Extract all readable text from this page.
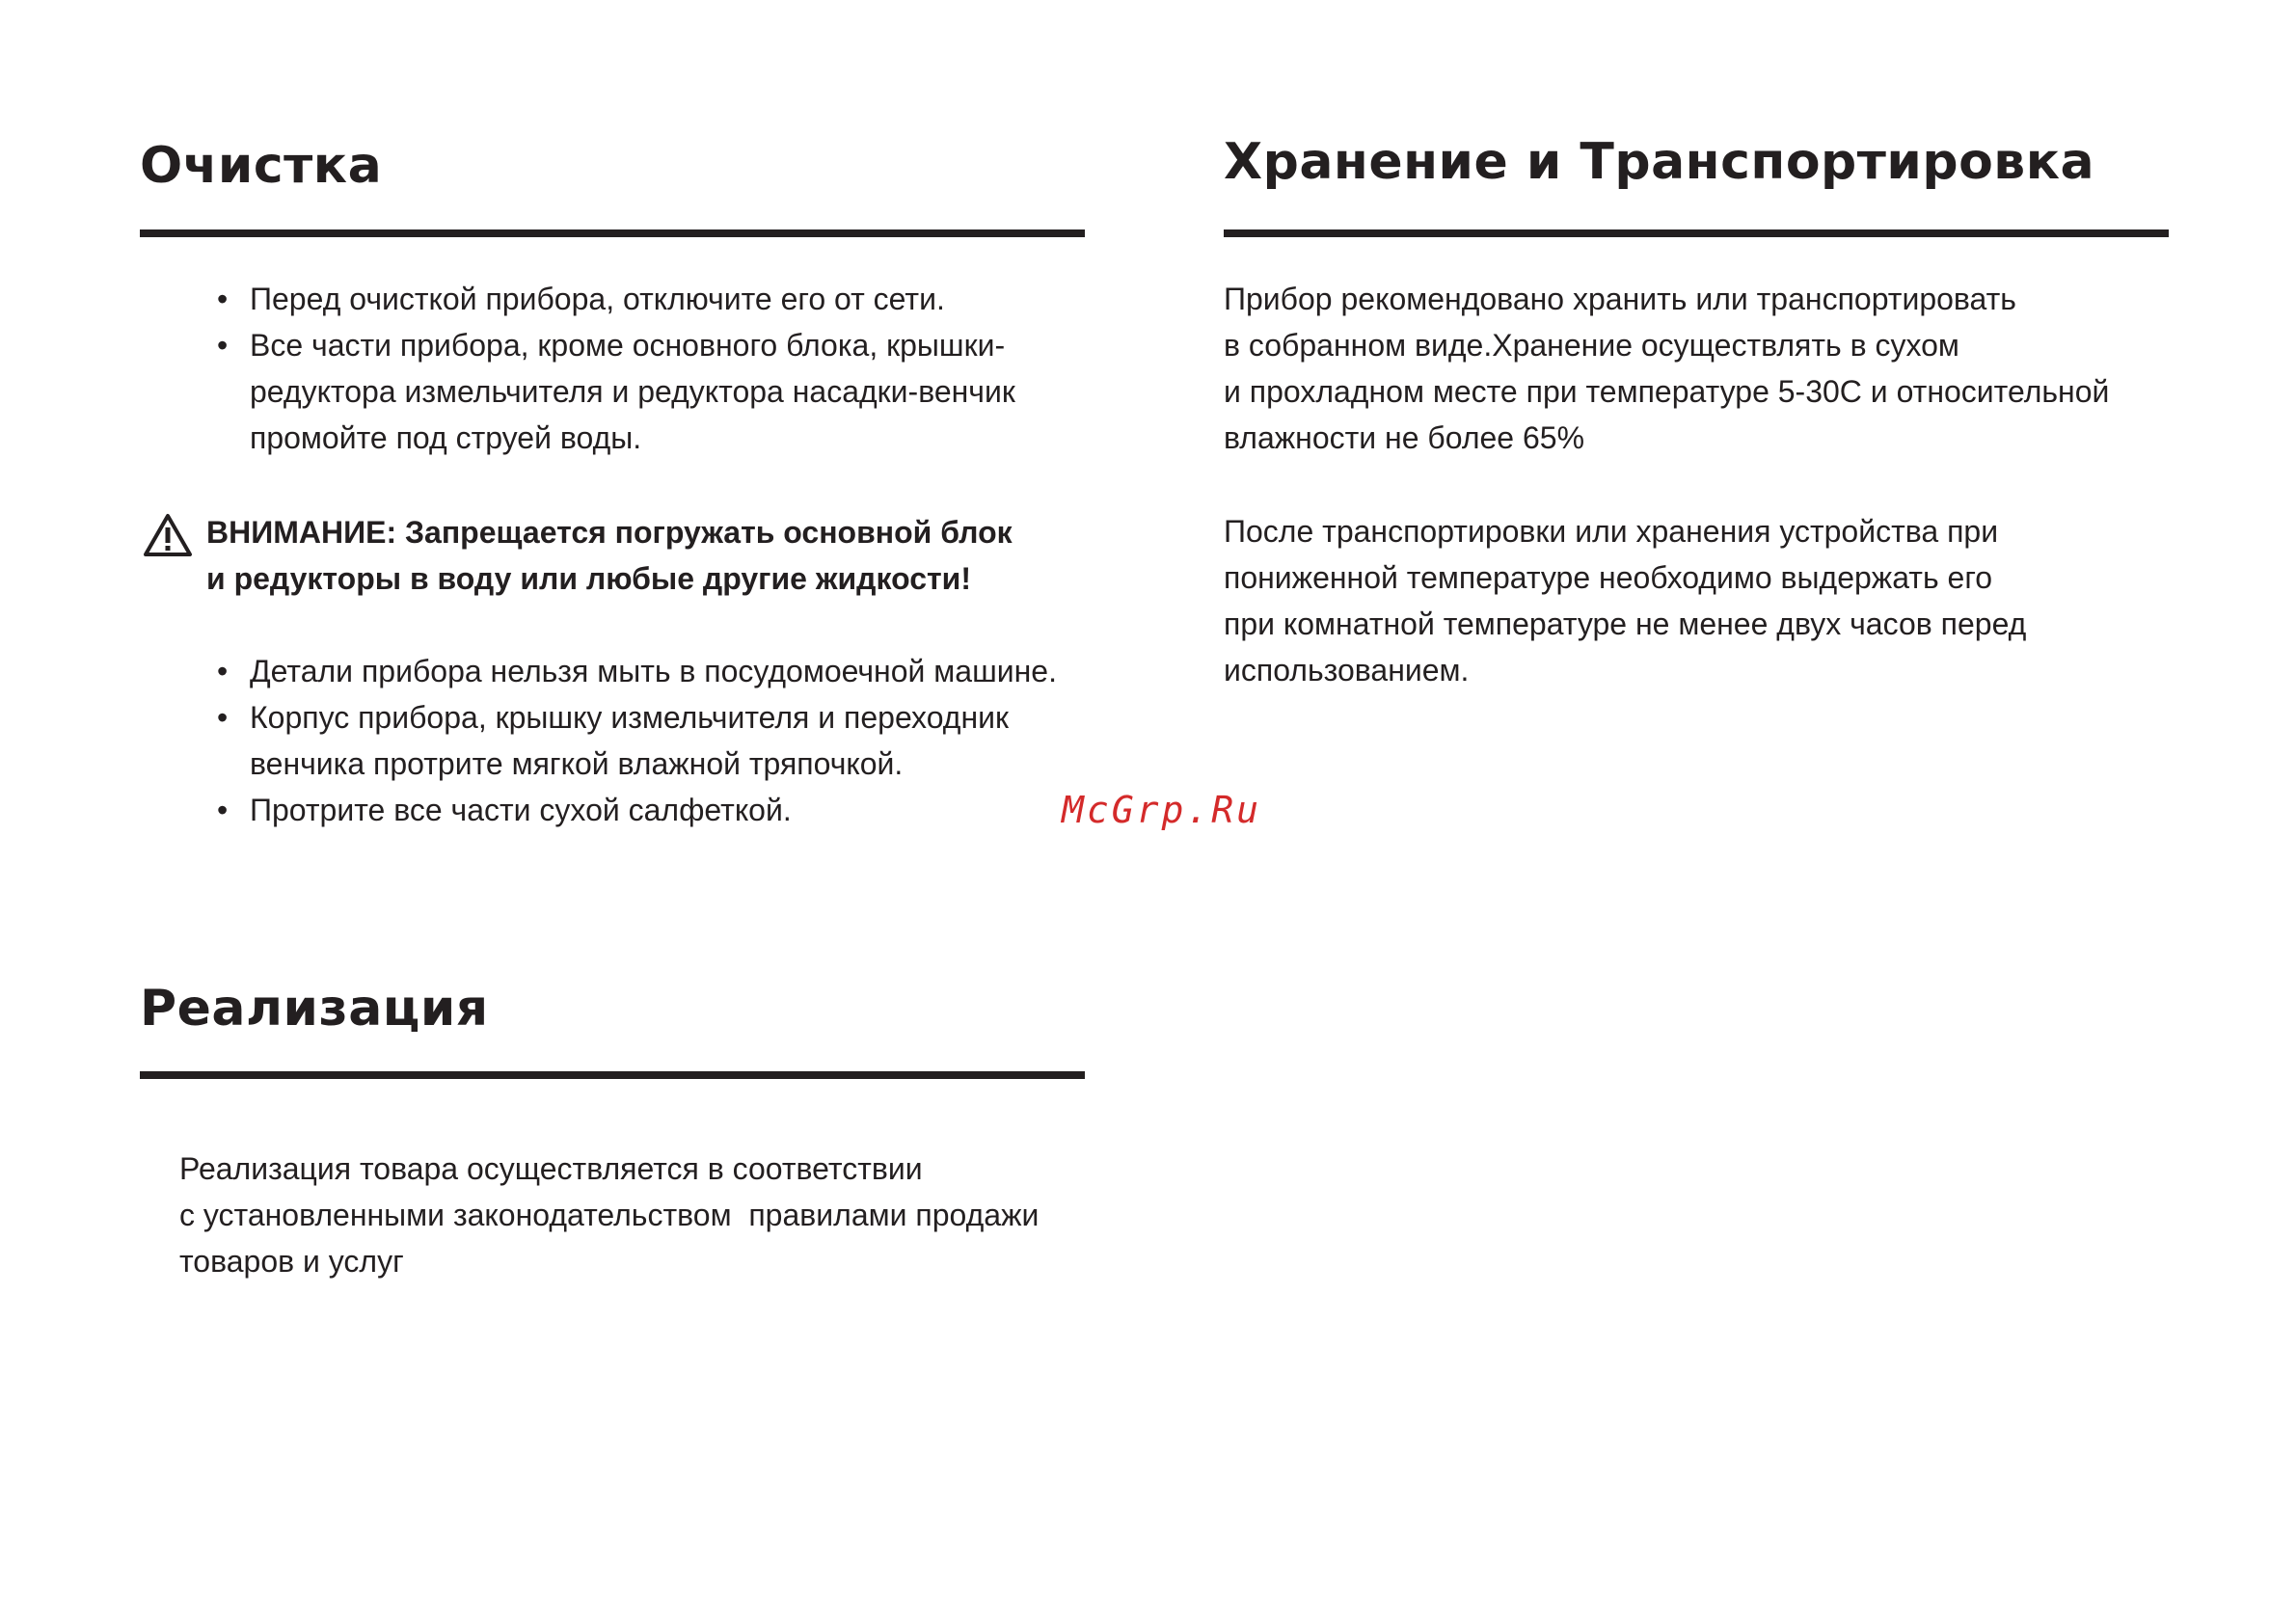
Очистка
• Перед очисткой прибора, отключите его от сети.
• Все части прибора, кроме основного блока, крышки-
редуктора измельчителя и редуктора насадки-венчик
промойте под струей воды.
ВНИМАНИЕ: Запрещается погружать основной блок
и редукторы в воду или любые другие жидкости!
• Детали прибора нельзя мыть в посудомоечной машине.
• Корпус прибора, крышку измельчителя и переходник
венчика протрите мягкой влажной тряпочкой.
• Протрите все части сухой салфеткой.
Хранение и Транспортировка
Прибор рекомендовано хранить или транспортировать
в собранном виде.Хранение осуществлять в сухом
и прохладном месте при температуре 5-30С и относительной
влажности не более 65%
После транспортировки или хранения устройства при
пониженной температуре необходимо выдержать его
при комнатной температуре не менее двух часов перед
использованием.
McGrp.Ru
Реализация
Реализация товара осуществляется в соответствии
с установленными законодательством  правилами продажи
товаров и услуг
